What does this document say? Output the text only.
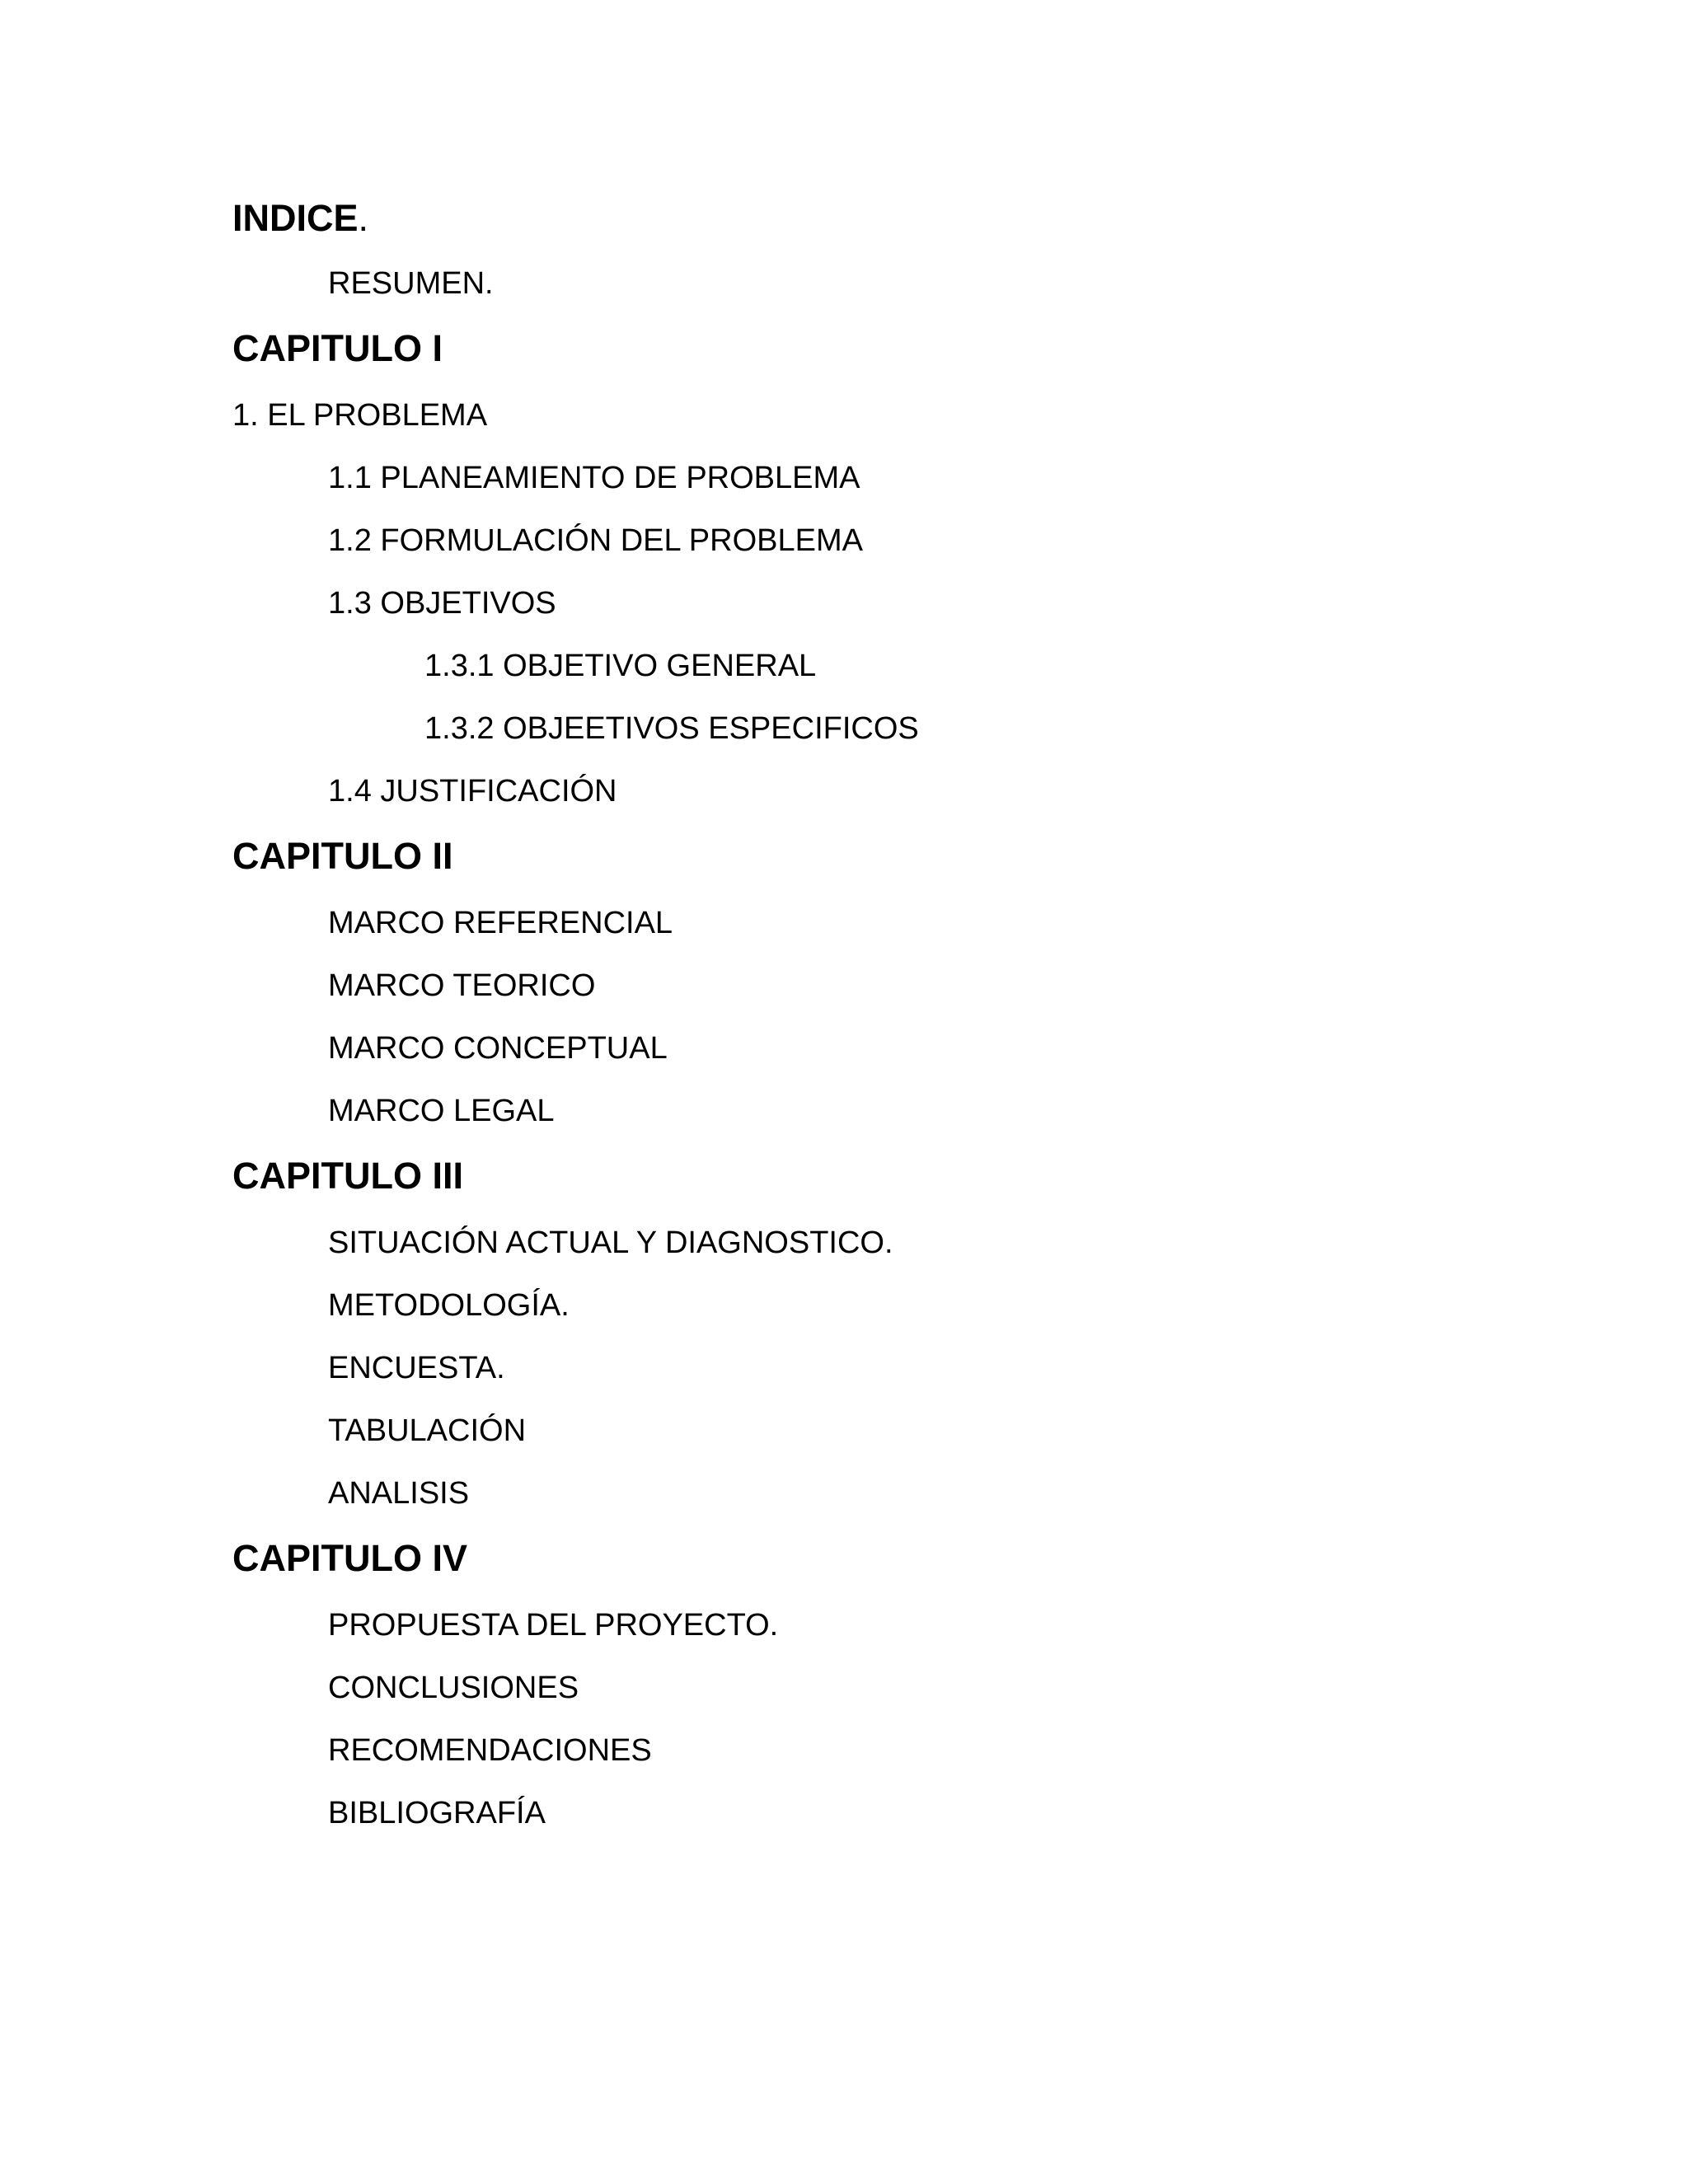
INDICE.
RESUMEN.
CAPITULO I
1. EL PROBLEMA
1.1 PLANEAMIENTO DE PROBLEMA
1.2 FORMULACIÓN DEL PROBLEMA
1.3 OBJETIVOS
1.3.1 OBJETIVO GENERAL
1.3.2 OBJEETIVOS ESPECIFICOS
1.4 JUSTIFICACIÓN
CAPITULO II
MARCO REFERENCIAL
MARCO TEORICO
MARCO CONCEPTUAL
MARCO LEGAL
CAPITULO III
SITUACIÓN ACTUAL Y DIAGNOSTICO.
METODOLOGÍA.
ENCUESTA.
TABULACIÓN
ANALISIS
CAPITULO IV
PROPUESTA DEL PROYECTO.
CONCLUSIONES
RECOMENDACIONES
BIBLIOGRAFÍA
